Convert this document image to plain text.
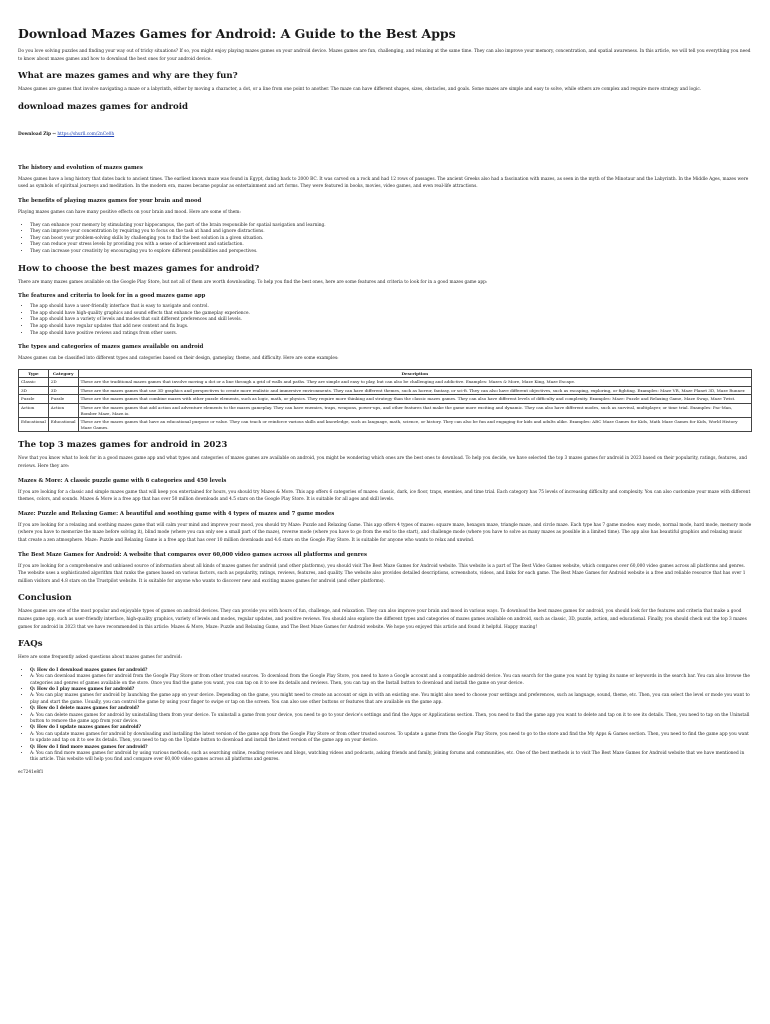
Download Mazes Games for Android: A Guide to the Best Apps

Do you love solving puzzles and finding your way out of tricky situations? If so, you might enjoy playing mazes games on your android device. Mazes games are fun, challenging, and relaxing at the same time. They can also improve your memory, concentration, and spatial awareness. In this article, we will tell you everything you need to know about mazes games and how to download the best ones for your android device.

What are mazes games and why are they fun?

Mazes games are games that involve navigating a maze or a labyrinth, either by moving a character, a dot, or a line from one point to another. The maze can have different shapes, sizes, obstacles, and goals. Some mazes are simple and easy to solve, while others are complex and require more strategy and logic.

download mazes games for android
Download Zip ⇔ https://shurll.com/2nCe0h
The history and evolution of mazes games

Mazes games have a long history that dates back to ancient times. The earliest known maze was found in Egypt, dating back to 2000 BC. It was carved on a rock and had 12 rows of passages. The ancient Greeks also had a fascination with mazes, as seen in the myth of the Minotaur and the Labyrinth. In the Middle Ages, mazes were used as symbols of spiritual journeys and meditation. In the modern era, mazes became popular as entertainment and art forms. They were featured in books, movies, video games, and even real-life attractions.

The benefits of playing mazes games for your brain and mood

Playing mazes games can have many positive effects on your brain and mood. Here are some of them:

• They can enhance your memory by stimulating your hippocampus, the part of the brain responsible for spatial navigation and learning.
• They can improve your concentration by requiring you to focus on the task at hand and ignore distractions.
• They can boost your problem-solving skills by challenging you to find the best solution in a given situation.
• They can reduce your stress levels by providing you with a sense of achievement and satisfaction.
• They can increase your creativity by encouraging you to explore different possibilities and perspectives.
How to choose the best mazes games for android?

There are many mazes games available on the Google Play Store, but not all of them are worth downloading. To help you find the best ones, here are some features and criteria to look for in a good mazes game app:

The features and criteria to look for in a good mazes game app
• The app should have a user-friendly interface that is easy to navigate and control.
• The app should have high-quality graphics and sound effects that enhance the gameplay experience.
• The app should have a variety of levels and modes that suit different preferences and skill levels.
• The app should have regular updates that add new content and fix bugs.
• The app should have positive reviews and ratings from other users.
The types and categories of mazes games available on android

Mazes games can be classified into different types and categories based on their design, gameplay, theme, and difficulty. Here are some examples:

Type	Category	Description
Classic	2D	These are the traditional mazes games that involve moving a dot or a line through a grid of walls and paths. They are simple and easy to play, but can also be challenging and addictive. Examples: Mazes & More, Maze King, Maze Escape.
3D	3D	These are the mazes games that use 3D graphics and perspectives to create more realistic and immersive environments. They can have different themes, such as horror, fantasy, or sci-fi. They can also have different objectives, such as escaping, exploring, or fighting. Examples: Maze VR, Maze Planet 3D, Maze Runner.
Puzzle	Puzzle	These are the mazes games that combine mazes with other puzzle elements, such as logic, math, or physics. They require more thinking and strategy than the classic mazes games. They can also have different levels of difficulty and complexity. Examples: Maze: Puzzle and Relaxing Game, Maze Swap, Maze Twist.
Action	Action	These are the mazes games that add action and adventure elements to the mazes gameplay. They can have enemies, traps, weapons, power-ups, and other features that make the game more exciting and dynamic. They can also have different modes, such as survival, multiplayer, or time trial. Examples: Pac-Man, Bomber Maze, Maze.io.
Educational	Educational	These are the mazes games that have an educational purpose or value. They can teach or reinforce various skills and knowledge, such as language, math, science, or history. They can also be fun and engaging for kids and adults alike. Examples: ABC Maze Games for Kids, Math Maze Games for Kids, World History Maze Games.
The top 3 mazes games for android in 2023

Now that you know what to look for in a good mazes game app and what types and categories of mazes games are available on android, you might be wondering which ones are the best ones to download. To help you decide, we have selected the top 3 mazes games for android in 2023 based on their popularity, ratings, features, and reviews. Here they are:

Mazes & More: A classic puzzle game with 6 categories and 450 levels

If you are looking for a classic and simple mazes game that will keep you entertained for hours, you should try Mazes & More. This app offers 6 categories of mazes: classic, dark, ice floor, traps, enemies, and time trial. Each category has 75 levels of increasing difficulty and complexity. You can also customize your maze with different themes, colors, and sounds. Mazes & More is a free app that has over 50 million downloads and 4.5 stars on the Google Play Store. It is suitable for all ages and skill levels.

Maze: Puzzle and Relaxing Game: A beautiful and soothing game with 4 types of mazes and 7 game modes

If you are looking for a relaxing and soothing mazes game that will calm your mind and improve your mood, you should try Maze: Puzzle and Relaxing Game. This app offers 4 types of mazes: square maze, hexagon maze, triangle maze, and circle maze. Each type has 7 game modes: easy mode, normal mode, hard mode, memory mode (where you have to memorize the maze before solving it), blind mode (where you can only see a small part of the maze), reverse mode (where you have to go from the end to the start), and challenge mode (where you have to solve as many mazes as possible in a limited time). The app also has beautiful graphics and relaxing music that create a zen atmosphere. Maze: Puzzle and Relaxing Game is a free app that has over 10 million downloads and 4.6 stars on the Google Play Store. It is suitable for anyone who wants to relax and unwind.

The Best Maze Games for Android: A website that compares over 60,000 video games across all platforms and genres

If you are looking for a comprehensive and unbiased source of information about all kinds of mazes games for android (and other platforms), you should visit The Best Maze Games for Android website. This website is a part of The Best Video Games website, which compares over 60,000 video games across all platforms and genres. The website uses a sophisticated algorithm that ranks the games based on various factors, such as popularity, ratings, reviews, features, and quality. The website also provides detailed descriptions, screenshots, videos, and links for each game. The Best Maze Games for Android website is a free and reliable resource that has over 1 million visitors and 4.8 stars on the Trustpilot website. It is suitable for anyone who wants to discover new and exciting mazes games for android (and other platforms).

Conclusion

Mazes games are one of the most popular and enjoyable types of games on android devices. They can provide you with hours of fun, challenge, and relaxation. They can also improve your brain and mood in various ways. To download the best mazes games for android, you should look for the features and criteria that make a good mazes game app, such as user-friendly interface, high-quality graphics, variety of levels and modes, regular updates, and positive reviews. You should also explore the different types and categories of mazes games available on android, such as classic, 3D, puzzle, action, and educational. Finally, you should check out the top 3 mazes games for android in 2023 that we have recommended in this article: Mazes & More, Maze: Puzzle and Relaxing Game, and The Best Maze Games for Android website. We hope you enjoyed this article and found it helpful. Happy mazing!

FAQs

Here are some frequently asked questions about mazes games for android:

• Q: How do I download mazes games for android?
• A: You can download mazes games for android from the Google Play Store or from other trusted sources. To download from the Google Play Store, you need to have a Google account and a compatible android device. You can search for the game you want by typing its name or keywords in the search bar. You can also browse the categories and genres of games available on the store. Once you find the game you want, you can tap on it to see its details and reviews. Then, you can tap on the Install button to download and install the game on your device.
• Q: How do I play mazes games for android?
• A: You can play mazes games for android by launching the game app on your device. Depending on the game, you might need to create an account or sign in with an existing one. You might also need to choose your settings and preferences, such as language, sound, theme, etc. Then, you can select the level or mode you want to play and start the game. Usually, you can control the game by using your finger to swipe or tap on the screen. You can also use other buttons or features that are available on the game app.
• Q: How do I delete mazes games for android?
• A: You can delete mazes games for android by uninstalling them from your device. To uninstall a game from your device, you need to go to your device's settings and find the Apps or Applications section. Then, you need to find the game app you want to delete and tap on it to see its details. Then, you need to tap on the Uninstall button to remove the game app from your device.
• Q: How do I update mazes games for android?
• A: You can update mazes games for android by downloading and installing the latest version of the game app from the Google Play Store or from other trusted sources. To update a game from the Google Play Store, you need to go to the store and find the My Apps & Games section. Then, you need to find the game app you want to update and tap on it to see its details. Then, you need to tap on the Update button to download and install the latest version of the game app on your device.
• Q: How do I find more mazes games for android?
• A: You can find more mazes games for android by using various methods, such as searching online, reading reviews and blogs, watching videos and podcasts, asking friends and family, joining forums and communities, etc. One of the best methods is to visit The Best Maze Games for Android website that we have mentioned in this article. This website will help you find and compare over 60,000 video games across all platforms and genres.
ec7241e8f1
